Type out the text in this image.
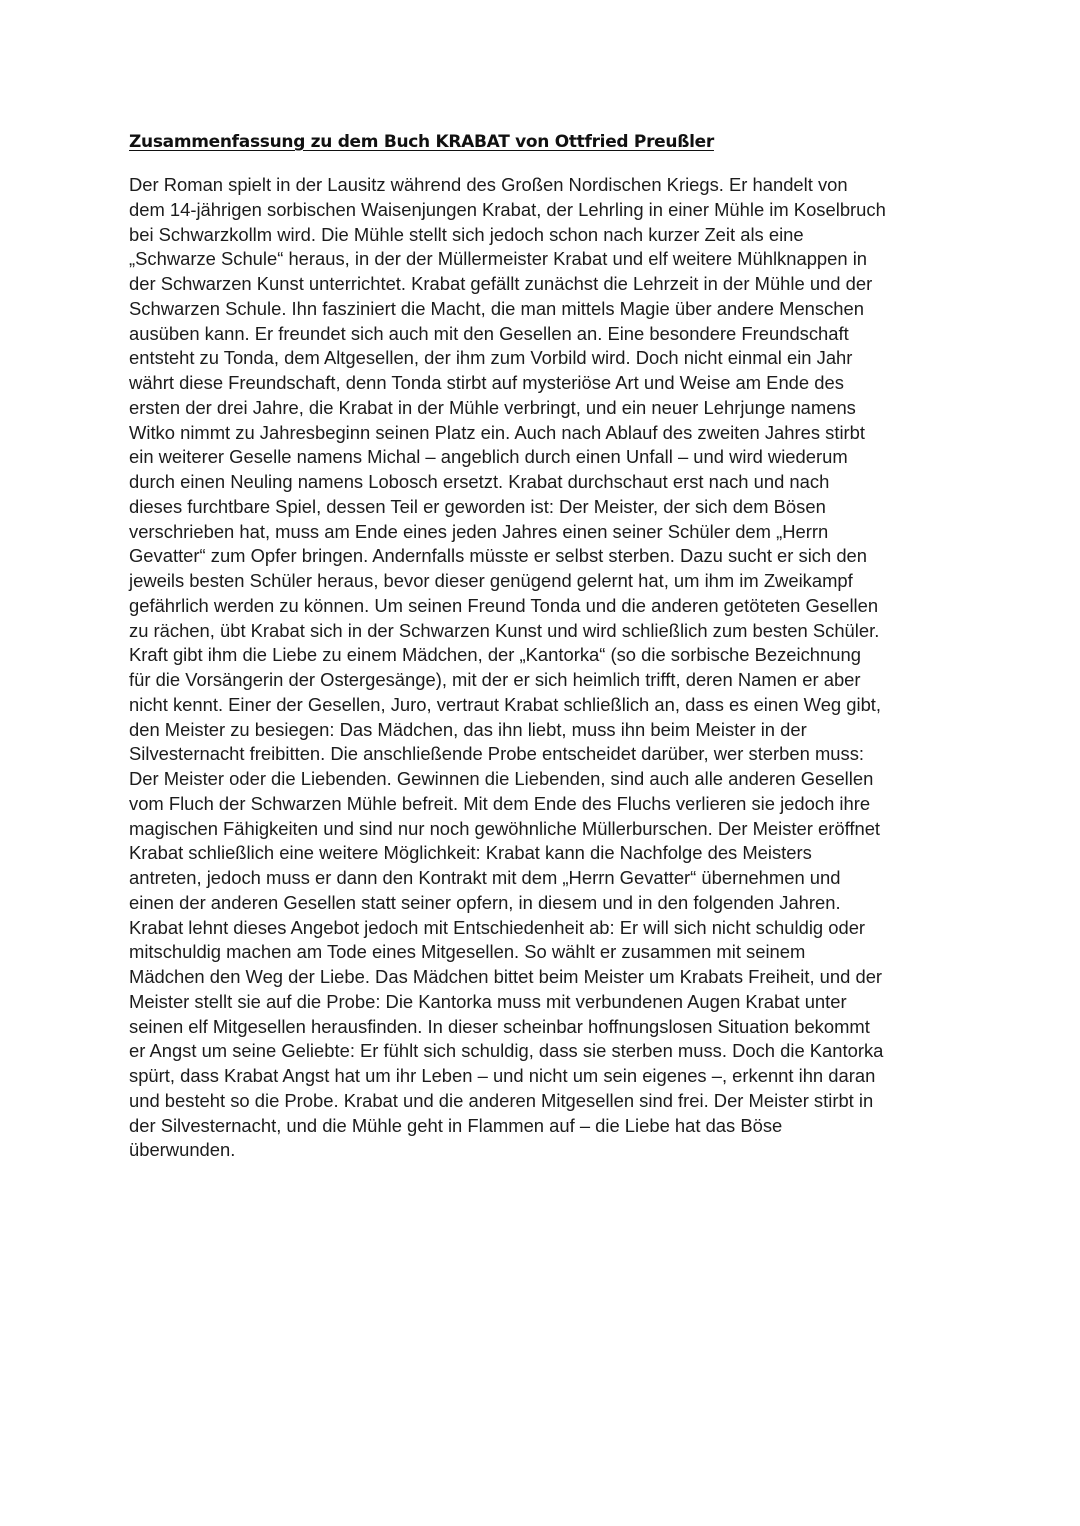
Zusammenfassung zu dem Buch KRABAT von Ottfried Preußler
Der Roman spielt in der Lausitz während des Großen Nordischen Kriegs. Er handelt von
dem 14-jährigen sorbischen Waisenjungen Krabat, der Lehrling in einer Mühle im Koselbruch
bei Schwarzkollm wird. Die Mühle stellt sich jedoch schon nach kurzer Zeit als eine
„Schwarze Schule“ heraus, in der der Müllermeister Krabat und elf weitere Mühlknappen in
der Schwarzen Kunst unterrichtet. Krabat gefällt zunächst die Lehrzeit in der Mühle und der
Schwarzen Schule. Ihn fasziniert die Macht, die man mittels Magie über andere Menschen
ausüben kann. Er freundet sich auch mit den Gesellen an. Eine besondere Freundschaft
entsteht zu Tonda, dem Altgesellen, der ihm zum Vorbild wird. Doch nicht einmal ein Jahr
währt diese Freundschaft, denn Tonda stirbt auf mysteriöse Art und Weise am Ende des
ersten der drei Jahre, die Krabat in der Mühle verbringt, und ein neuer Lehrjunge namens
Witko nimmt zu Jahresbeginn seinen Platz ein. Auch nach Ablauf des zweiten Jahres stirbt
ein weiterer Geselle namens Michal – angeblich durch einen Unfall – und wird wiederum
durch einen Neuling namens Lobosch ersetzt. Krabat durchschaut erst nach und nach
dieses furchtbare Spiel, dessen Teil er geworden ist: Der Meister, der sich dem Bösen
verschrieben hat, muss am Ende eines jeden Jahres einen seiner Schüler dem „Herrn
Gevatter“ zum Opfer bringen. Andernfalls müsste er selbst sterben. Dazu sucht er sich den
jeweils besten Schüler heraus, bevor dieser genügend gelernt hat, um ihm im Zweikampf
gefährlich werden zu können. Um seinen Freund Tonda und die anderen getöteten Gesellen
zu rächen, übt Krabat sich in der Schwarzen Kunst und wird schließlich zum besten Schüler.
Kraft gibt ihm die Liebe zu einem Mädchen, der „Kantorka“ (so die sorbische Bezeichnung
für die Vorsängerin der Ostergesänge), mit der er sich heimlich trifft, deren Namen er aber
nicht kennt. Einer der Gesellen, Juro, vertraut Krabat schließlich an, dass es einen Weg gibt,
den Meister zu besiegen: Das Mädchen, das ihn liebt, muss ihn beim Meister in der
Silvesternacht freibitten. Die anschließende Probe entscheidet darüber, wer sterben muss:
Der Meister oder die Liebenden. Gewinnen die Liebenden, sind auch alle anderen Gesellen
vom Fluch der Schwarzen Mühle befreit. Mit dem Ende des Fluchs verlieren sie jedoch ihre
magischen Fähigkeiten und sind nur noch gewöhnliche Müllerburschen. Der Meister eröffnet
Krabat schließlich eine weitere Möglichkeit: Krabat kann die Nachfolge des Meisters
antreten, jedoch muss er dann den Kontrakt mit dem „Herrn Gevatter“ übernehmen und
einen der anderen Gesellen statt seiner opfern, in diesem und in den folgenden Jahren.
Krabat lehnt dieses Angebot jedoch mit Entschiedenheit ab: Er will sich nicht schuldig oder
mitschuldig machen am Tode eines Mitgesellen. So wählt er zusammen mit seinem
Mädchen den Weg der Liebe. Das Mädchen bittet beim Meister um Krabats Freiheit, und der
Meister stellt sie auf die Probe: Die Kantorka muss mit verbundenen Augen Krabat unter
seinen elf Mitgesellen herausfinden. In dieser scheinbar hoffnungslosen Situation bekommt
er Angst um seine Geliebte: Er fühlt sich schuldig, dass sie sterben muss. Doch die Kantorka
spürt, dass Krabat Angst hat um ihr Leben – und nicht um sein eigenes –, erkennt ihn daran
und besteht so die Probe. Krabat und die anderen Mitgesellen sind frei. Der Meister stirbt in
der Silvesternacht, und die Mühle geht in Flammen auf – die Liebe hat das Böse
überwunden.
